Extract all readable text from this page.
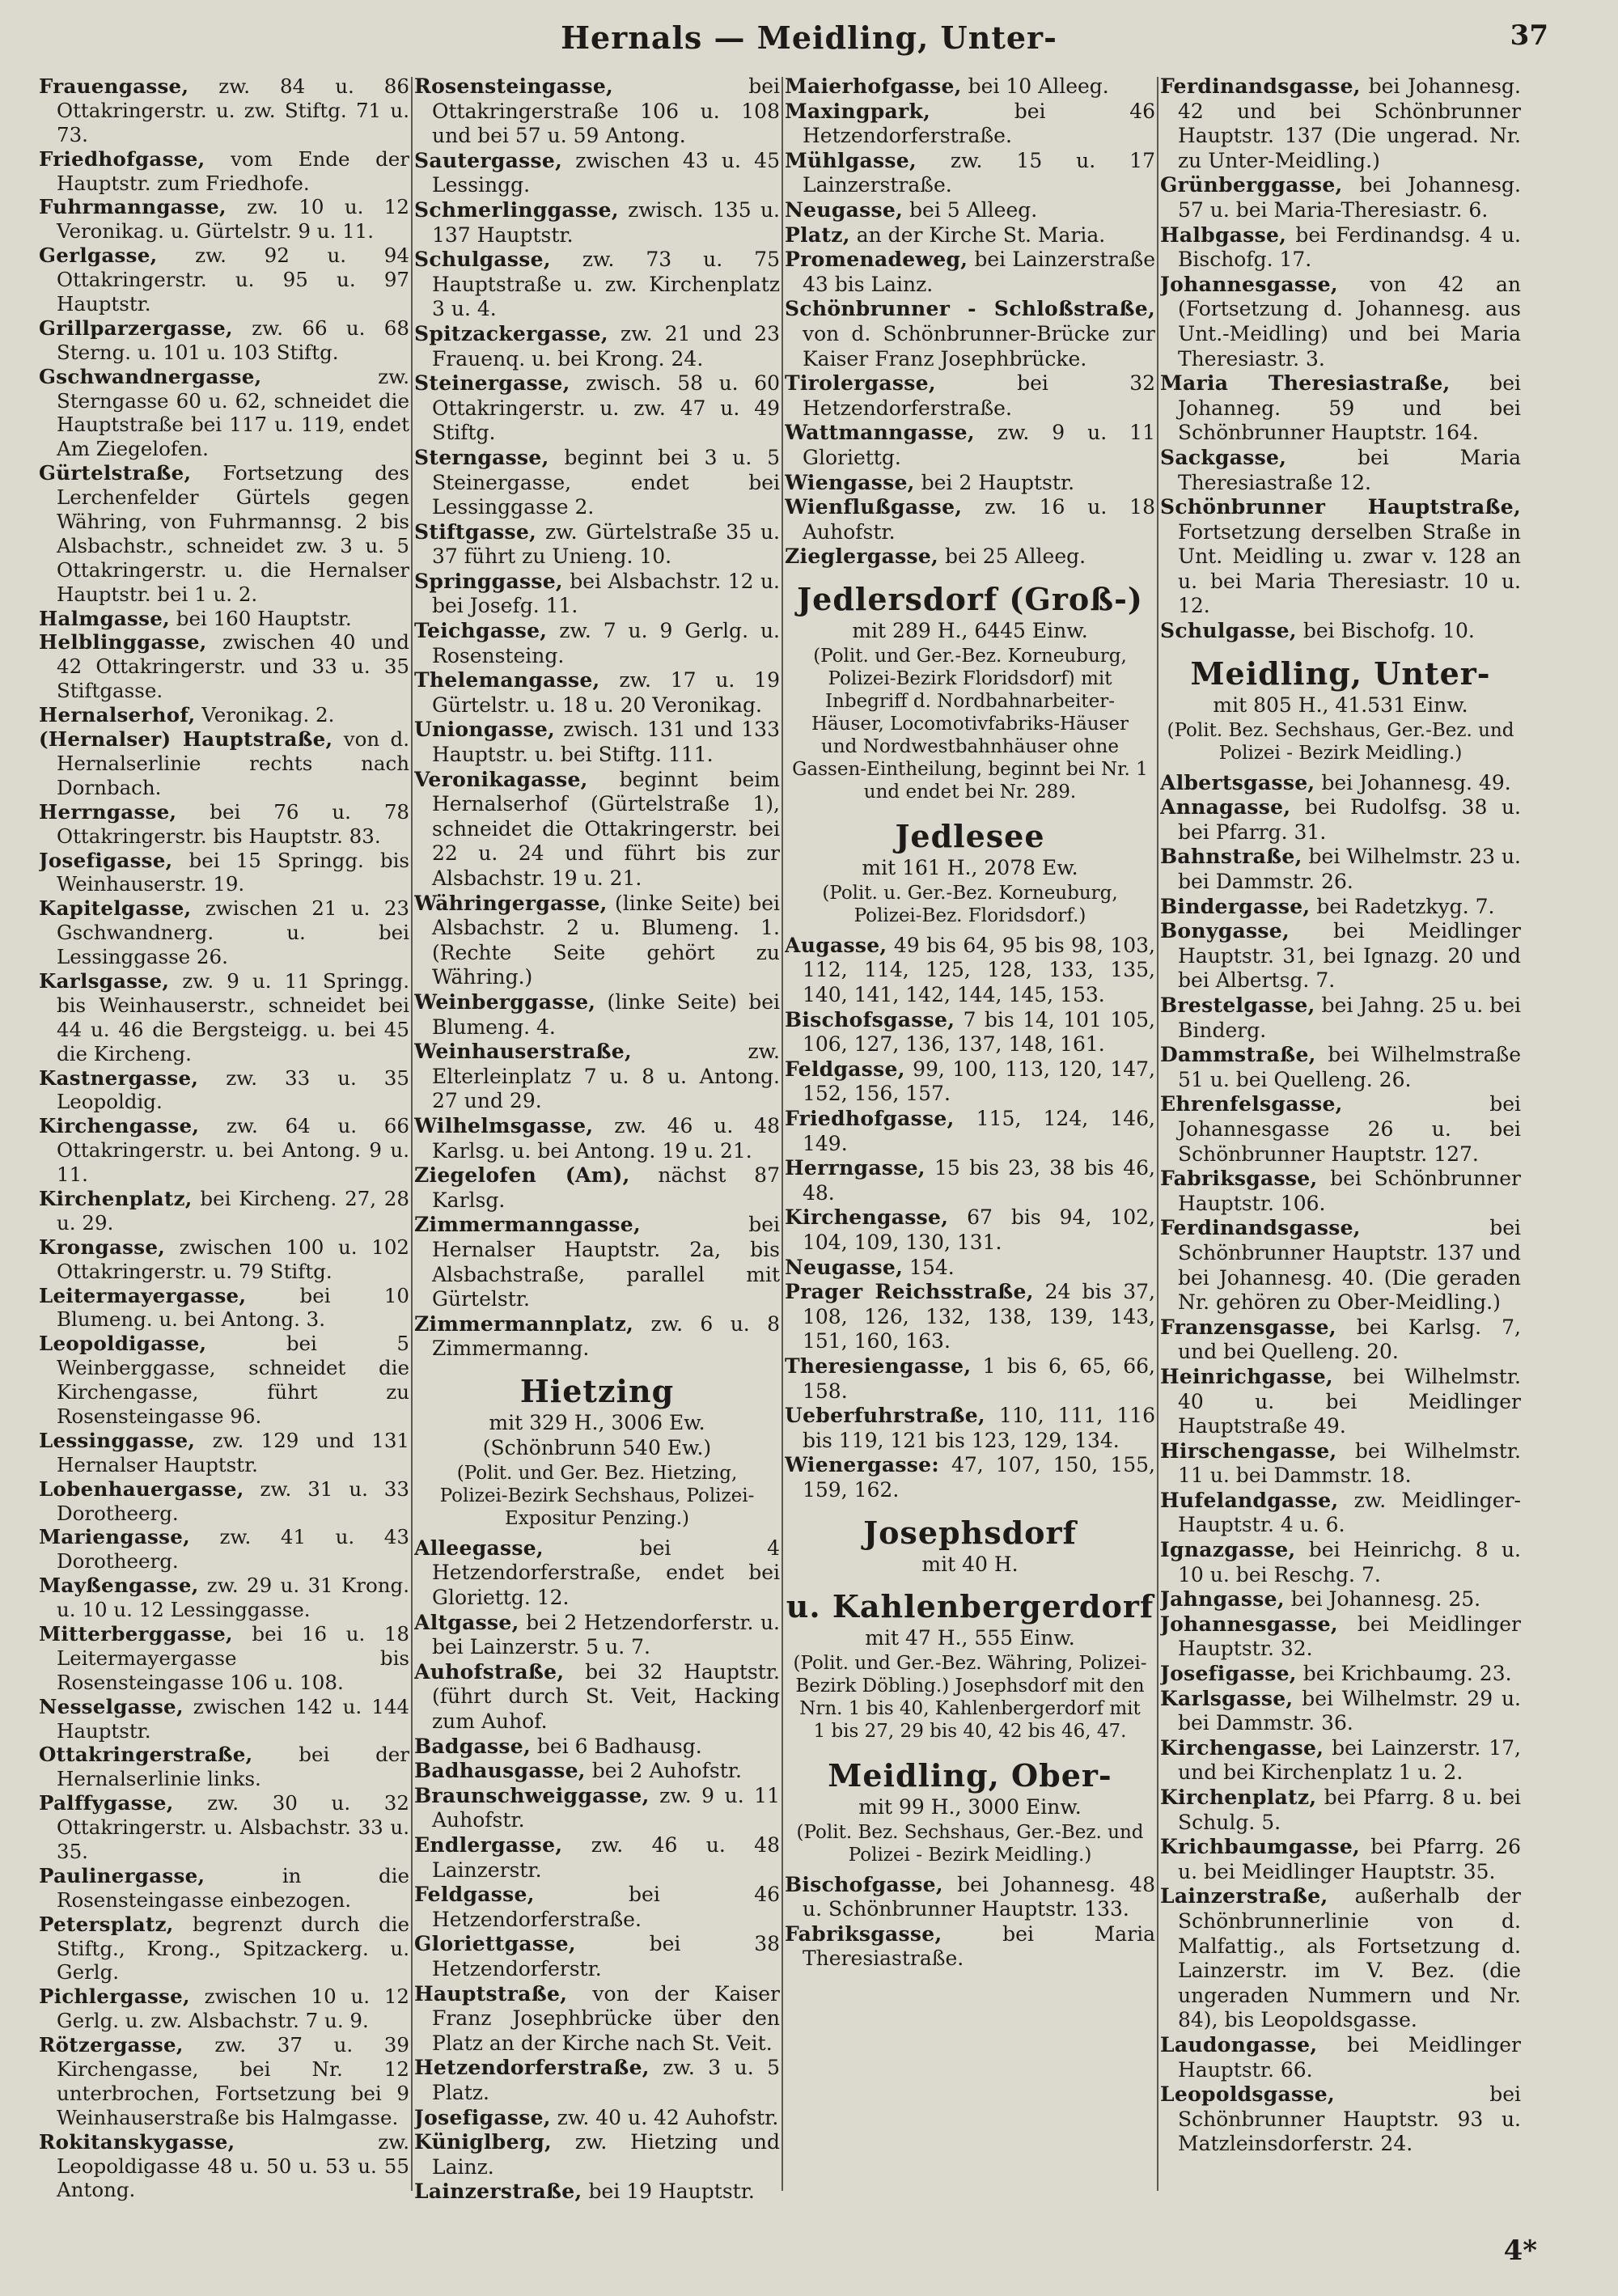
Hernals — Meidling, Unter-	37
Frauengasse, zw. 84 u. 86 Ottakringerstr. u. zw. Stiftg. 71 u. 73.
Friedhofgasse, vom Ende der Hauptstr. zum Friedhofe.
Fuhrmanngasse, zw. 10 u. 12 Veronikag. u. Gürtelstr. 9 u. 11.
Gerlgasse, zw. 92 u. 94 Ottakringerstr. u. 95 u. 97 Hauptstr.
Grillparzergasse, zw. 66 u. 68 Sterng. u. 101 u. 103 Stiftg.
Gschwandnergasse, zw. Sterngasse 60 u. 62, schneidet die Hauptstraße bei 117 u. 119, endet Am Ziegelofen.
Gürtelstraße, Fortsetzung des Lerchenfelder Gürtels gegen Währing, von Fuhrmannsg. 2 bis Alsbachstr., schneidet zw. 3 u. 5 Ottakringerstr. u. die Hernalser Hauptstr. bei 1 u. 2.
Halmgasse, bei 160 Hauptstr.
Helblinggasse, zwischen 40 und 42 Ottakringerstr. und 33 u. 35 Stiftgasse.
Hernalserhof, Veronikag. 2.
(Hernalser) Hauptstraße, von d. Hernalserlinie rechts nach Dornbach.
Herrngasse, bei 76 u. 78 Ottakringerstr. bis Hauptstr. 83.
Josefigasse, bei 15 Springg. bis Weinhauserstr. 19.
Kapitelgasse, zwischen 21 u. 23 Gschwandnerg. u. bei Lessinggasse 26.
Karlsgasse, zw. 9 u. 11 Springg. bis Weinhauserstr., schneidet bei 44 u. 46 die Bergsteigg. u. bei 45 die Kircheng.
Kastnergasse, zw. 33 u. 35 Leopoldig.
Kirchengasse, zw. 64 u. 66 Ottakringerstr. u. bei Antong. 9 u. 11.
Kirchenplatz, bei Kircheng. 27, 28 u. 29.
Krongasse, zwischen 100 u. 102 Ottakringerstr. u. 79 Stiftg.
Leitermayergasse, bei 10 Blumeng. u. bei Antong. 3.
Leopoldigasse, bei 5 Weinberggasse, schneidet die Kirchengasse, führt zu Rosensteingasse 96.
Lessinggasse, zw. 129 und 131 Hernalser Hauptstr.
Lobenhauergasse, zw. 31 u. 33 Dorotheerg.
Mariengasse, zw. 41 u. 43 Dorotheerg.
Mayßengasse, zw. 29 u. 31 Krong. u. 10 u. 12 Lessinggasse.
Mitterberggasse, bei 16 u. 18 Leitermayergasse bis Rosensteingasse 106 u. 108.
Nesselgasse, zwischen 142 u. 144 Hauptstr.
Ottakringerstraße, bei der Hernalserlinie links.
Palffygasse, zw. 30 u. 32 Ottakringerstr. u. Alsbachstr. 33 u. 35.
Paulinergasse, in die Rosensteingasse einbezogen.
Petersplatz, begrenzt durch die Stiftg., Krong., Spitzackerg. u. Gerlg.
Pichlergasse, zwischen 10 u. 12 Gerlg. u. zw. Alsbachstr. 7 u. 9.
Rötzergasse, zw. 37 u. 39 Kirchengasse, bei Nr. 12 unterbrochen, Fortsetzung bei 9 Weinhauserstraße bis Halmgasse.
Rokitanskygasse, zw. Leopoldigasse 48 u. 50 u. 53 u. 55 Antong.
Rosensteingasse, bei Ottakringerstraße 106 u. 108 und bei 57 u. 59 Antong.
Sautergasse, zwischen 43 u. 45 Lessingg.
Schmerlinggasse, zwisch. 135 u. 137 Hauptstr.
Schulgasse, zw. 73 u. 75 Hauptstraße u. zw. Kirchenplatz 3 u. 4.
Spitzackergasse, zw. 21 und 23 Frauenq. u. bei Krong. 24.
Steinergasse, zwisch. 58 u. 60 Ottakringerstr. u. zw. 47 u. 49 Stiftg.
Sterngasse, beginnt bei 3 u. 5 Steinergasse, endet bei Lessinggasse 2.
Stiftgasse, zw. Gürtelstraße 35 u. 37 führt zu Unieng. 10.
Springgasse, bei Alsbachstr. 12 u. bei Josefg. 11.
Teichgasse, zw. 7 u. 9 Gerlg. u. Rosensteing.
Thelemangasse, zw. 17 u. 19 Gürtelstr. u. 18 u. 20 Veronikag.
Uniongasse, zwisch. 131 und 133 Hauptstr. u. bei Stiftg. 111.
Veronikagasse, beginnt beim Hernalserhof (Gürtelstraße 1), schneidet die Ottakringerstr. bei 22 u. 24 und führt bis zur Alsbachstr. 19 u. 21.
Währingergasse, (linke Seite) bei Alsbachstr. 2 u. Blumeng. 1. (Rechte Seite gehört zu Währing.)
Weinberggasse, (linke Seite) bei Blumeng. 4.
Weinhauserstraße, zw. Elterleinplatz 7 u. 8 u. Antong. 27 und 29.
Wilhelmsgasse, zw. 46 u. 48 Karlsg. u. bei Antong. 19 u. 21.
Ziegelofen (Am), nächst 87 Karlsg.
Zimmermanngasse, bei Hernalser Hauptstr. 2a, bis Alsbachstraße, parallel mit Gürtelstr.
Zimmermannplatz, zw. 6 u. 8 Zimmermanng.
Hietzing
mit 329 H., 3006 Ew.
(Schönbrunn 540 Ew.)
(Polit. und Ger. Bez. Hietzing, Polizei-Bezirk Sechshaus, Polizei-Expositur Penzing.)
Alleegasse, bei 4 Hetzendorferstraße, endet bei Gloriettg. 12.
Altgasse, bei 2 Hetzendorferstr. u. bei Lainzerstr. 5 u. 7.
Auhofstraße, bei 32 Hauptstr. (führt durch St. Veit, Hacking zum Auhof.
Badgasse, bei 6 Badhausg.
Badhausgasse, bei 2 Auhofstr.
Braunschweiggasse, zw. 9 u. 11 Auhofstr.
Endlergasse, zw. 46 u. 48 Lainzerstr.
Feldgasse, bei 46 Hetzendorferstraße.
Gloriettgasse, bei 38 Hetzendorferstr.
Hauptstraße, von der Kaiser Franz Josephbrücke über den Platz an der Kirche nach St. Veit.
Hetzendorferstraße, zw. 3 u. 5 Platz.
Josefigasse, zw. 40 u. 42 Auhofstr.
Küniglberg, zw. Hietzing und Lainz.
Lainzerstraße, bei 19 Hauptstr.
Maierhofgasse, bei 10 Alleeg.
Maxingpark, bei 46 Hetzendorferstraße.
Mühlgasse, zw. 15 u. 17 Lainzerstraße.
Neugasse, bei 5 Alleeg.
Platz, an der Kirche St. Maria.
Promenadeweg, bei Lainzerstraße 43 bis Lainz.
Schönbrunner - Schloßstraße, von d. Schönbrunner-Brücke zur Kaiser Franz Josephbrücke.
Tirolergasse, bei 32 Hetzendorferstraße.
Wattmanngasse, zw. 9 u. 11 Gloriettg.
Wiengasse, bei 2 Hauptstr.
Wienflußgasse, zw. 16 u. 18 Auhofstr.
Zieglergasse, bei 25 Alleeg.
Jedlersdorf (Groß-)
mit 289 H., 6445 Einw.
(Polit. und Ger.-Bez. Korneuburg, Polizei-Bezirk Floridsdorf) mit Inbegriff d. Nordbahnarbeiter-Häuser, Locomotivfabriks-Häuser und Nordwestbahnhäuser ohne Gassen-Eintheilung, beginnt bei Nr. 1 und endet bei Nr. 289.
Jedlesee
mit 161 H., 2078 Ew.
(Polit. u. Ger.-Bez. Korneuburg, Polizei-Bez. Floridsdorf.)
Augasse, 49 bis 64, 95 bis 98, 103, 112, 114, 125, 128, 133, 135, 140, 141, 142, 144, 145, 153.
Bischofsgasse, 7 bis 14, 101 105, 106, 127, 136, 137, 148, 161.
Feldgasse, 99, 100, 113, 120, 147, 152, 156, 157.
Friedhofgasse, 115, 124, 146, 149.
Herrngasse, 15 bis 23, 38 bis 46, 48.
Kirchengasse, 67 bis 94, 102, 104, 109, 130, 131.
Neugasse, 154.
Prager Reichsstraße, 24 bis 37, 108, 126, 132, 138, 139, 143, 151, 160, 163.
Theresiengasse, 1 bis 6, 65, 66, 158.
Ueberfuhrstraße, 110, 111, 116 bis 119, 121 bis 123, 129, 134.
Wienergasse: 47, 107, 150, 155, 159, 162.
Josephsdorf
mit 40 H.
u. Kahlenbergerdorf
mit 47 H., 555 Einw.
(Polit. und Ger.-Bez. Währing, Polizei-Bezirk Döbling.) Josephsdorf mit den Nrn. 1 bis 40, Kahlenbergerdorf mit 1 bis 27, 29 bis 40, 42 bis 46, 47.
Meidling, Ober-
mit 99 H., 3000 Einw.
(Polit. Bez. Sechshaus, Ger.-Bez. und Polizei - Bezirk Meidling.)
Bischofgasse, bei Johannesg. 48 u. Schönbrunner Hauptstr. 133.
Fabriksgasse, bei Maria Theresiastraße.
Ferdinandsgasse, bei Johannesg. 42 und bei Schönbrunner Hauptstr. 137 (Die ungerad. Nr. zu Unter-Meidling.)
Grünberggasse, bei Johannesg. 57 u. bei Maria-Theresiastr. 6.
Halbgasse, bei Ferdinandsg. 4 u. Bischofg. 17.
Johannesgasse, von 42 an (Fortsetzung d. Johannesg. aus Unt.-Meidling) und bei Maria Theresiastr. 3.
Maria Theresiastraße, bei Johanneg. 59 und bei Schönbrunner Hauptstr. 164.
Sackgasse, bei Maria Theresiastraße 12.
Schönbrunner Hauptstraße, Fortsetzung derselben Straße in Unt. Meidling u. zwar v. 128 an u. bei Maria Theresiastr. 10 u. 12.
Schulgasse, bei Bischofg. 10.
Meidling, Unter-
mit 805 H., 41.531 Einw.
(Polit. Bez. Sechshaus, Ger.-Bez. und Polizei - Bezirk Meidling.)
Albertsgasse, bei Johannesg. 49.
Annagasse, bei Rudolfsg. 38 u. bei Pfarrg. 31.
Bahnstraße, bei Wilhelmstr. 23 u. bei Dammstr. 26.
Bindergasse, bei Radetzkyg. 7.
Bonygasse, bei Meidlinger Hauptstr. 31, bei Ignazg. 20 und bei Albertsg. 7.
Brestelgasse, bei Jahng. 25 u. bei Binderg.
Dammstraße, bei Wilhelmstraße 51 u. bei Quelleng. 26.
Ehrenfelsgasse, bei Johannesgasse 26 u. bei Schönbrunner Hauptstr. 127.
Fabriksgasse, bei Schönbrunner Hauptstr. 106.
Ferdinandsgasse, bei Schönbrunner Hauptstr. 137 und bei Johannesg. 40. (Die geraden Nr. gehören zu Ober-Meidling.)
Franzensgasse, bei Karlsg. 7, und bei Quelleng. 20.
Heinrichgasse, bei Wilhelmstr. 40 u. bei Meidlinger Hauptstraße 49.
Hirschengasse, bei Wilhelmstr. 11 u. bei Dammstr. 18.
Hufelandgasse, zw. Meidlinger-Hauptstr. 4 u. 6.
Ignazgasse, bei Heinrichg. 8 u. 10 u. bei Reschg. 7.
Jahngasse, bei Johannesg. 25.
Johannesgasse, bei Meidlinger Hauptstr. 32.
Josefigasse, bei Krichbaumg. 23.
Karlsgasse, bei Wilhelmstr. 29 u. bei Dammstr. 36.
Kirchengasse, bei Lainzerstr. 17, und bei Kirchenplatz 1 u. 2.
Kirchenplatz, bei Pfarrg. 8 u. bei Schulg. 5.
Krichbaumgasse, bei Pfarrg. 26 u. bei Meidlinger Hauptstr. 35.
Lainzerstraße, außerhalb der Schönbrunnerlinie von d. Malfattig., als Fortsetzung d. Lainzerstr. im V. Bez. (die ungeraden Nummern und Nr. 84), bis Leopoldsgasse.
Laudongasse, bei Meidlinger Hauptstr. 66.
Leopoldsgasse, bei Schönbrunner Hauptstr. 93 u. Matzleinsdorferstr. 24.
4*
